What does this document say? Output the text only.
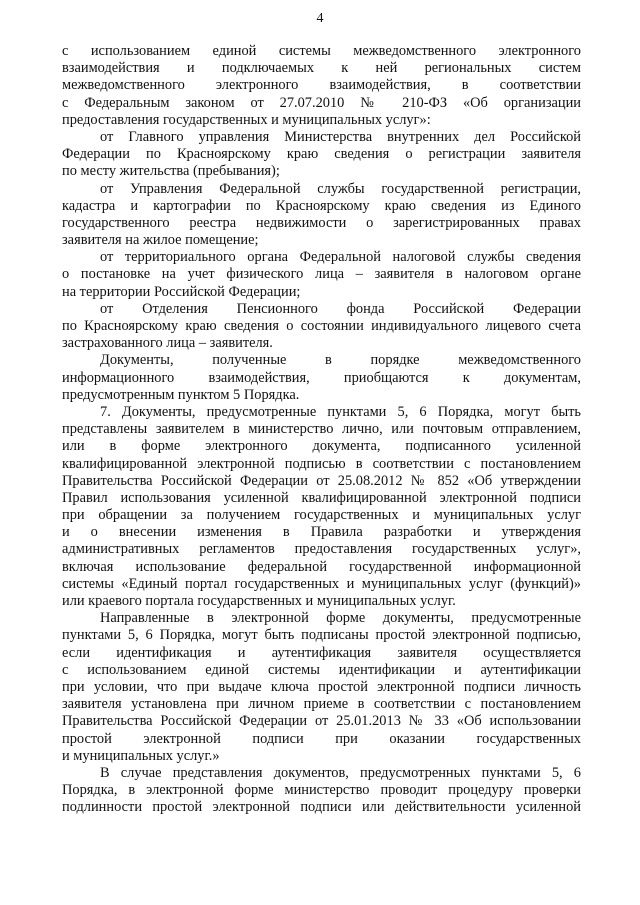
4
с использованием единой системы межведомственного электронного
взаимодействия и подключаемых к ней региональных систем
межведомственного электронного взаимодействия, в соответствии
с Федеральным законом от 27.07.2010 № 210-ФЗ «Об организации
предоставления государственных и муниципальных услуг»:
от Главного управления Министерства внутренних дел Российской
Федерации по Красноярскому краю сведения о регистрации заявителя
по месту жительства (пребывания);
от Управления Федеральной службы государственной регистрации,
кадастра и картографии по Красноярскому краю сведения из Единого
государственного реестра недвижимости о зарегистрированных правах
заявителя на жилое помещение;
от территориального органа Федеральной налоговой службы сведения
о постановке на учет физического лица – заявителя в налоговом органе
на территории Российской Федерации;
от Отделения Пенсионного фонда Российской Федерации
по Красноярскому краю сведения о состоянии индивидуального лицевого счета
застрахованного лица – заявителя.
Документы, полученные в порядке межведомственного
информационного взаимодействия, приобщаются к документам,
предусмотренным пунктом 5 Порядка.
7. Документы, предусмотренные пунктами 5, 6 Порядка, могут быть
представлены заявителем в министерство лично, или почтовым отправлением,
или в форме электронного документа, подписанного усиленной
квалифицированной электронной подписью в соответствии с постановлением
Правительства Российской Федерации от 25.08.2012 № 852 «Об утверждении
Правил использования усиленной квалифицированной электронной подписи
при обращении за получением государственных и муниципальных услуг
и о внесении изменения в Правила разработки и утверждения
административных регламентов предоставления государственных услуг»,
включая использование федеральной государственной информационной
системы «Единый портал государственных и муниципальных услуг (функций)»
или краевого портала государственных и муниципальных услуг.
Направленные в электронной форме документы, предусмотренные
пунктами 5, 6 Порядка, могут быть подписаны простой электронной подписью,
если идентификация и аутентификация заявителя осуществляется
с использованием единой системы идентификации и аутентификации
при условии, что при выдаче ключа простой электронной подписи личность
заявителя установлена при личном приеме в соответствии с постановлением
Правительства Российской Федерации от 25.01.2013 № 33 «Об использовании
простой электронной подписи при оказании государственных
и муниципальных услуг.»
В случае представления документов, предусмотренных пунктами 5, 6
Порядка, в электронной форме министерство проводит процедуру проверки
подлинности простой электронной подписи или действительности усиленной
